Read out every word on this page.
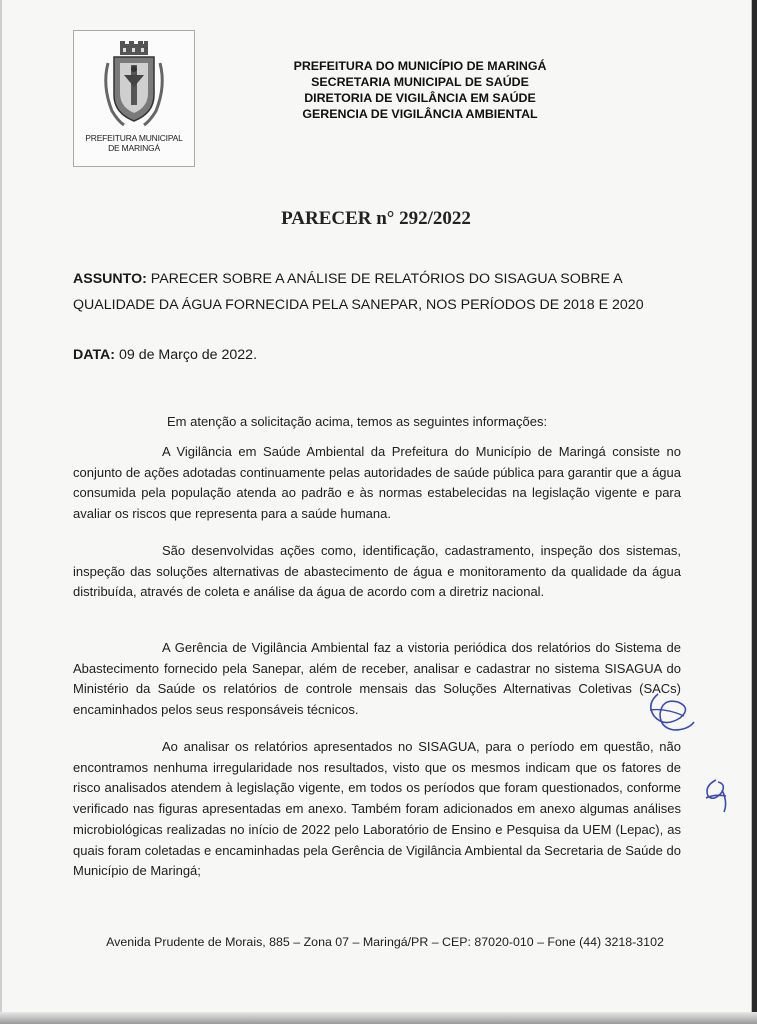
PREFEITURA MUNICIPAL
DE MARINGÁ
PREFEITURA DO MUNICÍPIO DE MARINGÁ
SECRETARIA MUNICIPAL DE SAÚDE
DIRETORIA DE VIGILÂNCIA EM SAÚDE
GERENCIA DE VIGILÂNCIA AMBIENTAL
PARECER n° 292/2022
ASSUNTO: PARECER SOBRE A ANÁLISE DE RELATÓRIOS DO SISAGUA SOBRE A QUALIDADE DA ÁGUA FORNECIDA PELA SANEPAR, NOS PERÍODOS DE 2018 E 2020
DATA: 09 de Março de 2022.
Em atenção a solicitação acima, temos as seguintes informações:
A Vigilância em Saúde Ambiental da Prefeitura do Município de Maringá consiste no conjunto de ações adotadas continuamente pelas autoridades de saúde pública para garantir que a água consumida pela população atenda ao padrão e às normas estabelecidas na legislação vigente e para avaliar os riscos que representa para a saúde humana.
São desenvolvidas ações como, identificação, cadastramento, inspeção dos sistemas, inspeção das soluções alternativas de abastecimento de água e monitoramento da qualidade da água distribuída, através de coleta e análise da água de acordo com a diretriz nacional.
A Gerência de Vigilância Ambiental faz a vistoria periódica dos relatórios do Sistema de Abastecimento fornecido pela Sanepar, além de receber, analisar e cadastrar no sistema SISAGUA do Ministério da Saúde os relatórios de controle mensais das Soluções Alternativas Coletivas (SACs) encaminhados pelos seus responsáveis técnicos.
Ao analisar os relatórios apresentados no SISAGUA, para o período em questão, não encontramos nenhuma irregularidade nos resultados, visto que os mesmos indicam que os fatores de risco analisados atendem à legislação vigente, em todos os períodos que foram questionados, conforme verificado nas figuras apresentadas em anexo. Também foram adicionados em anexo algumas análises microbiológicas realizadas no início de 2022 pelo Laboratório de Ensino e Pesquisa da UEM (Lepac), as quais foram coletadas e encaminhadas pela Gerência de Vigilância Ambiental da Secretaria de Saúde do Município de Maringá;
Avenida Prudente de Morais, 885 – Zona 07 – Maringá/PR – CEP: 87020-010 – Fone (44) 3218-3102
